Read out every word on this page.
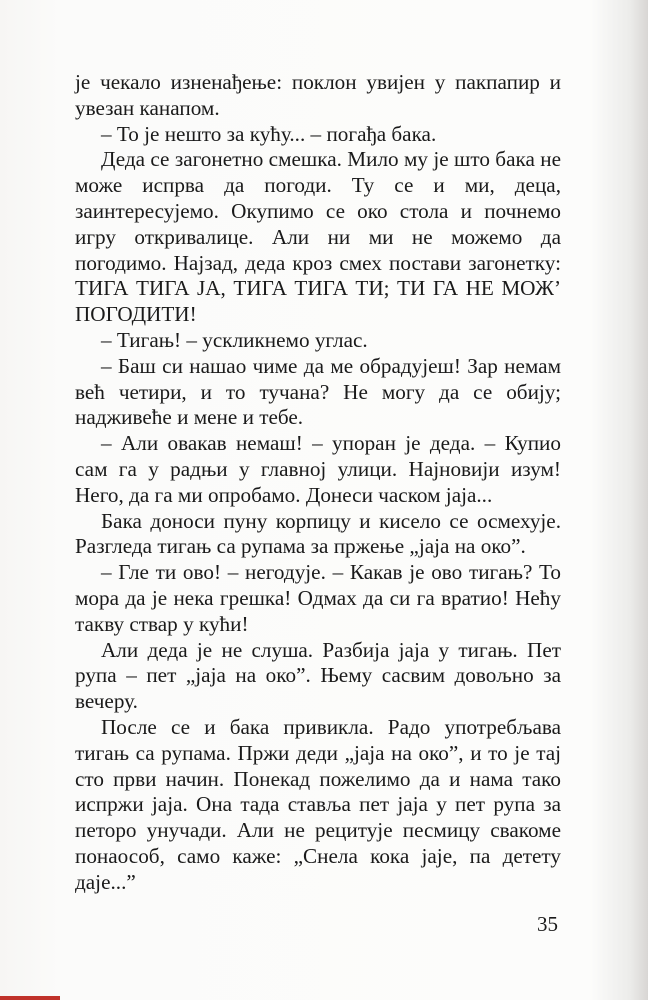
је чекало изненађење: поклон увијен у пакпапир и увезан канапом.

– То је нешто за кућу... – погађа бака.

Деда се загонетно смешка. Мило му је што бака не може испрва да погоди. Ту се и ми, деца, заинтересујемо. Окупимо се око стола и почнемо игру откривалице. Али ни ми не можемо да погодимо. Најзад, деда кроз смех постави загонетку: ТИГА ТИГА ЈА, ТИГА ТИГА ТИ; ТИ ГА НЕ МОЖ’ ПОГОДИТИ!

– Тигањ! – ускликнемо углас.

– Баш си нашао чиме да ме обрадујеш! Зар немам већ четири, и то тучана? Не могу да се обију; надживеће и мене и тебе.

– Али овакав немаш! – упоран је деда. – Купио сам га у радњи у главној улици. Најновији изум! Него, да га ми опробамо. Донеси часком јаја...

Бака доноси пуну корпицу и кисело се осмехује. Разгледа тигањ са рупама за пржење „јаја на око”.

– Гле ти ово! – негодује. – Какав је ово тигањ? То мора да је нека грешка! Одмах да си га вратио! Нећу такву ствар у кући!

Али деда је не слуша. Разбија јаја у тигањ. Пет рупа – пет „јаја на око”. Њему сасвим довољно за вечеру.

После се и бака привикла. Радо употребљава тигањ са рупама. Пржи деди „јаја на око”, и то је тај сто први начин. Понекад пожелимо да и нама тако испржи јаја. Она тада ставља пет јаја у пет рупа за петоро унучади. Али не рецитује песмицу свакоме понаособ, само каже: „Снела кока јаје, па детету даје...”

35
